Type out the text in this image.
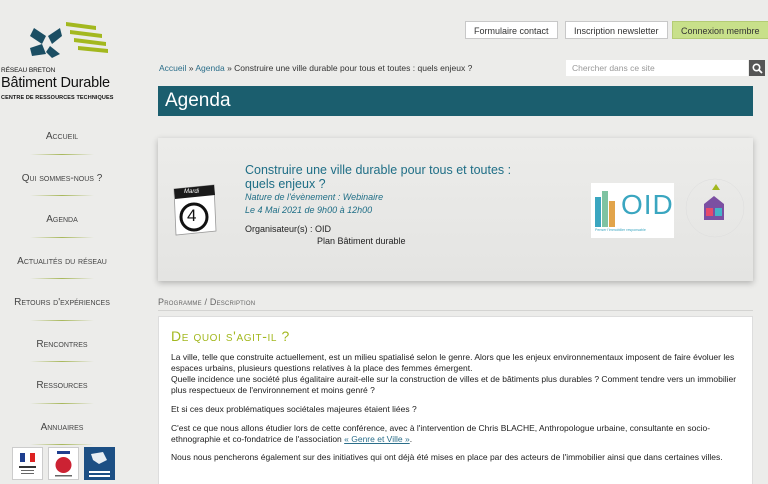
RÉSEAU BRETON
Bâtiment Durable
CENTRE DE RESSOURCES TECHNIQUES
Accueil
Qui sommes-nous ?
Agenda
Actualités du réseau
Retours d'expériences
Rencontres
Ressources
Annuaires
Formulaire contact	Inscription newsletter	Connexion membre
Accueil » Agenda » Construire une ville durable pour tous et toutes : quels enjeux ?	Chercher dans ce site
Agenda
Mardi
4
Construire une ville durable pour tous et toutes : quels enjeux ?
Nature de l'évènement : Webinaire
Le 4 Mai 2021 de 9h00 à 12h00
Organisateur(s) : OID
Plan Bâtiment durable
OID
Penser l'immobilier responsable
Programme / Description
De quoi s'agit-il ?

La ville, telle que construite actuellement, est un milieu spatialisé selon le genre. Alors que les enjeux environnementaux imposent de faire évoluer les espaces urbains, plusieurs questions relatives à la place des femmes émergent.

Quelle incidence une société plus égalitaire aurait-elle sur la construction de villes et de bâtiments plus durables ? Comment tendre vers un immobilier plus respectueux de l'environnement et moins genré ?

Et si ces deux problématiques sociétales majeures étaient liées ?

C'est ce que nous allons étudier lors de cette conférence, avec à l'intervention de Chris BLACHE, Anthropologue urbaine, consultante en socio-ethnographie et co-fondatrice de l'association « Genre et Ville ».

Nous nous pencherons également sur des initiatives qui ont déjà été mises en place par des acteurs de l'immobilier ainsi que dans certaines villes.
